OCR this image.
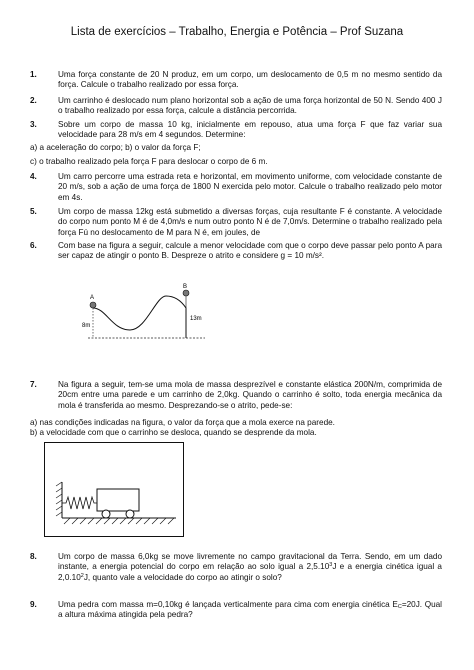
Lista de exercícios – Trabalho, Energia e Potência – Prof Suzana
1.	Uma força constante de 20 N produz, em um corpo, um deslocamento de 0,5 m no mesmo sentido da força. Calcule o trabalho realizado por essa força.
2.	Um carrinho é deslocado num plano horizontal sob a ação de uma força horizontal de 50 N. Sendo 400 J o trabalho realizado por essa força, calcule a distância percorrida.
3.	Sobre um corpo de massa 10 kg, inicialmente em repouso, atua uma força F que faz variar sua velocidade para 28 m/s em 4 segundos. Determine:
a) a aceleração do corpo; b) o valor da força F;
c) o trabalho realizado pela força F para deslocar o corpo de 6 m.
4.	Um carro percorre uma estrada reta e horizontal, em movimento uniforme, com velocidade constante de 20 m/s, sob a ação de uma força de 1800 N exercida pelo motor. Calcule o trabalho realizado pelo motor em 4s.
5.	Um corpo de massa 12kg está submetido a diversas forças, cuja resultante F é constante. A velocidade do corpo num ponto M é de 4,0m/s e num outro ponto N é de 7,0m/s. Determine o trabalho realizado pela força Fú no deslocamento de M para N é, em joules, de
6.	Com base na figura a seguir, calcule a menor velocidade com que o corpo deve passar pelo ponto A para ser capaz de atingir o ponto B. Despreze o atrito e considere g = 10 m/s².
A
B
8m
13m
7.	Na figura a seguir, tem-se uma mola de massa desprezível e constante elástica 200N/m, comprimida de 20cm entre uma parede e um carrinho de 2,0kg. Quando o carrinho é solto, toda energia mecânica da mola é transferida ao mesmo. Desprezando-se o atrito, pede-se:
a) nas condições indicadas na figura, o valor da força que a mola exerce na parede.
b) a velocidade com que o carrinho se desloca, quando se desprende da mola.
8.	Um corpo de massa 6,0kg se move livremente no campo gravitacional da Terra. Sendo, em um dado instante, a energia potencial do corpo em relação ao solo igual a 2,5.10$^3$J e a energia cinética igual a 2,0.10$^2$J, quanto vale a velocidade do corpo ao atingir o solo?
9.	Uma pedra com massa m=0,10kg é lançada verticalmente para cima com energia cinética $E_C=20J$. Qual a altura máxima atingida pela pedra?
